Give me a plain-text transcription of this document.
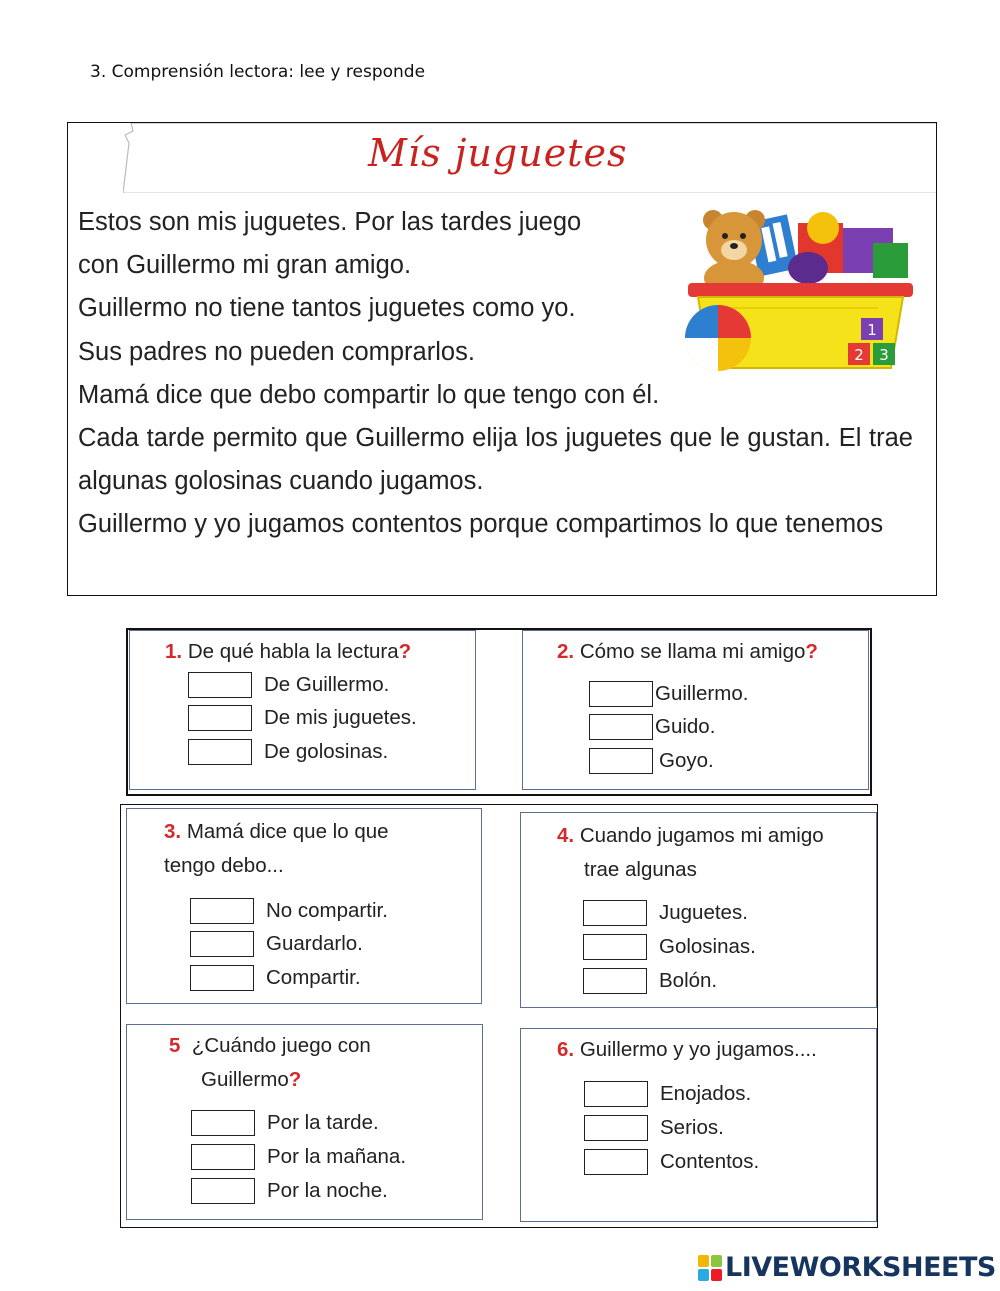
3. Comprensión lectora: lee y responde
Mís juguetes
Estos son mis juguetes. Por las tardes juego
con Guillermo mi gran amigo.
Guillermo no tiene tantos juguetes como yo.
Sus padres no pueden comprarlos.
Mamá dice que debo compartir lo que tengo con él.
Cada tarde permito que Guillermo elija los juguetes que le gustan. El trae algunas golosinas cuando jugamos.
Guillermo y yo jugamos contentos porque compartimos lo que tenemos
1
2 3
1. De qué habla la lectura?
De Guillermo.
De mis juguetes.
De golosinas.
2. Cómo se llama mi amigo?
Guillermo.
Guido.
Goyo.
3. Mamá dice que lo que
tengo debo...
No compartir.
Guardarlo.
Compartir.
4. Cuando jugamos mi amigo
trae algunas
Juguetes.
Golosinas.
Bolón.
5 ¿Cuándo juego con
Guillermo?
Por la tarde.
Por la mañana.
Por la noche.
6. Guillermo y yo jugamos....
Enojados.
Serios.
Contentos.
LIVEWORKSHEETS
